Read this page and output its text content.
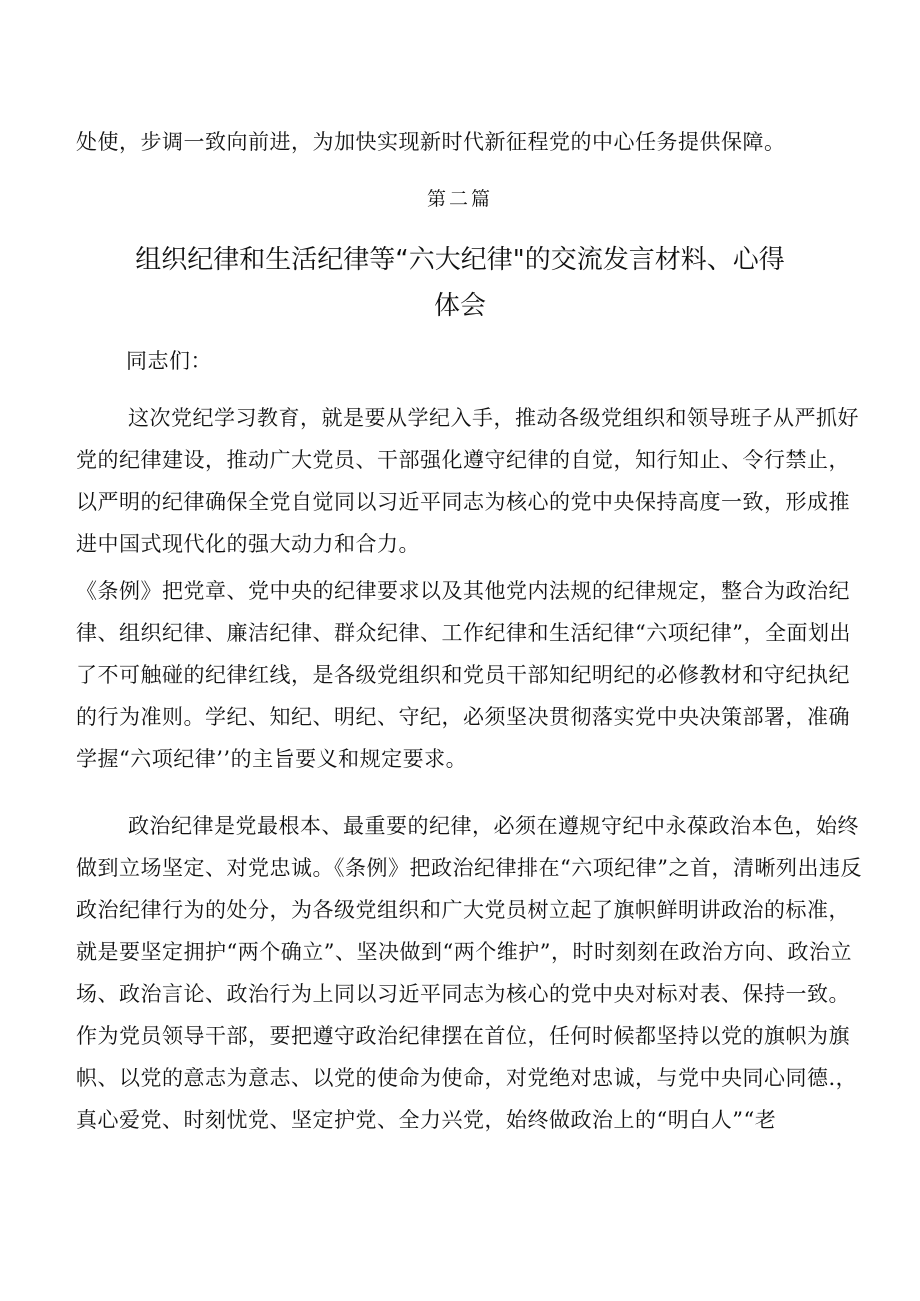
处使，步调一致向前进，为加快实现新时代新征程党的中心任务提供保障。

第二篇
组织纪律和生活纪律等“六大纪律"的交流发言材料、心得
体会

同志们：

这次党纪学习教育，就是要从学纪入手，推动各级党组织和领导班子从严抓好党的纪律建设，推动广大党员、干部强化遵守纪律的自觉，知行知止、令行禁止，以严明的纪律确保全党自觉同以习近平同志为核心的党中央保持高度一致，形成推进中国式现代化的强大动力和合力。

《条例》把党章、党中央的纪律要求以及其他党内法规的纪律规定，整合为政治纪律、组织纪律、廉洁纪律、群众纪律、工作纪律和生活纪律“六项纪律”，全面划出了不可触碰的纪律红线，是各级党组织和党员干部知纪明纪的必修教材和守纪执纪的行为准则。学纪、知纪、明纪、守纪，必须坚决贯彻落实党中央决策部署，准确学握“六项纪律’’的主旨要义和规定要求。

政治纪律是党最根本、最重要的纪律，必须在遵规守纪中永葆政治本色，始终做到立场坚定、对党忠诚。《条例》把政治纪律排在“六项纪律”之首，清晰列出违反政治纪律行为的处分，为各级党组织和广大党员树立起了旗帜鲜明讲政治的标准，就是要坚定拥护“两个确立”、坚决做到“两个维护”，时时刻刻在政治方向、政治立场、政治言论、政治行为上同以习近平同志为核心的党中央对标对表、保持一致。作为党员领导干部，要把遵守政治纪律摆在首位，任何时候都坚持以党的旗帜为旗帜、以党的意志为意志、以党的使命为使命，对党绝对忠诚，与党中央同心同德.，真心爱党、时刻忧党、坚定护党、全力兴党，始终做政治上的“明白人”“老
